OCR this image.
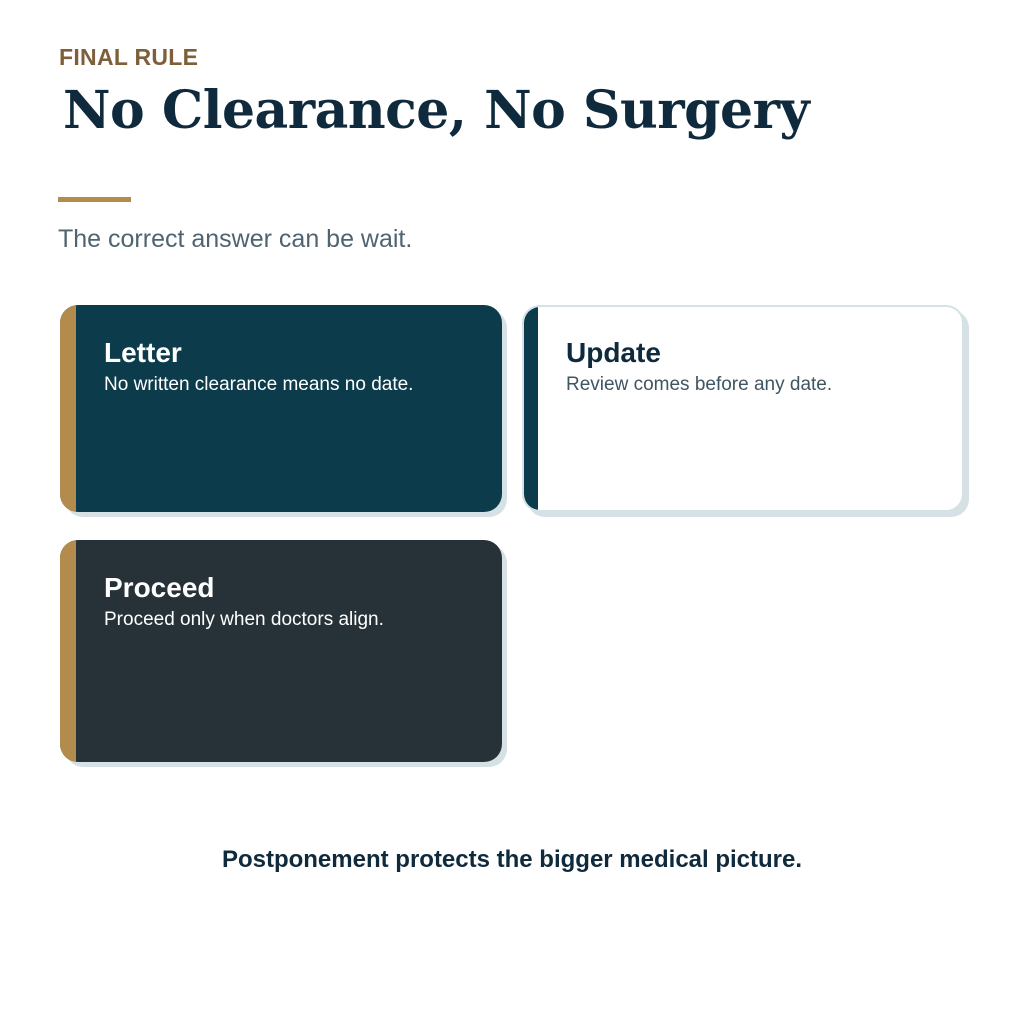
FINAL RULE
No Clearance, No Surgery
The correct answer can be wait.
Letter
No written clearance means no date.
Update
Review comes before any date.
Proceed
Proceed only when doctors align.
Postponement protects the bigger medical picture.
